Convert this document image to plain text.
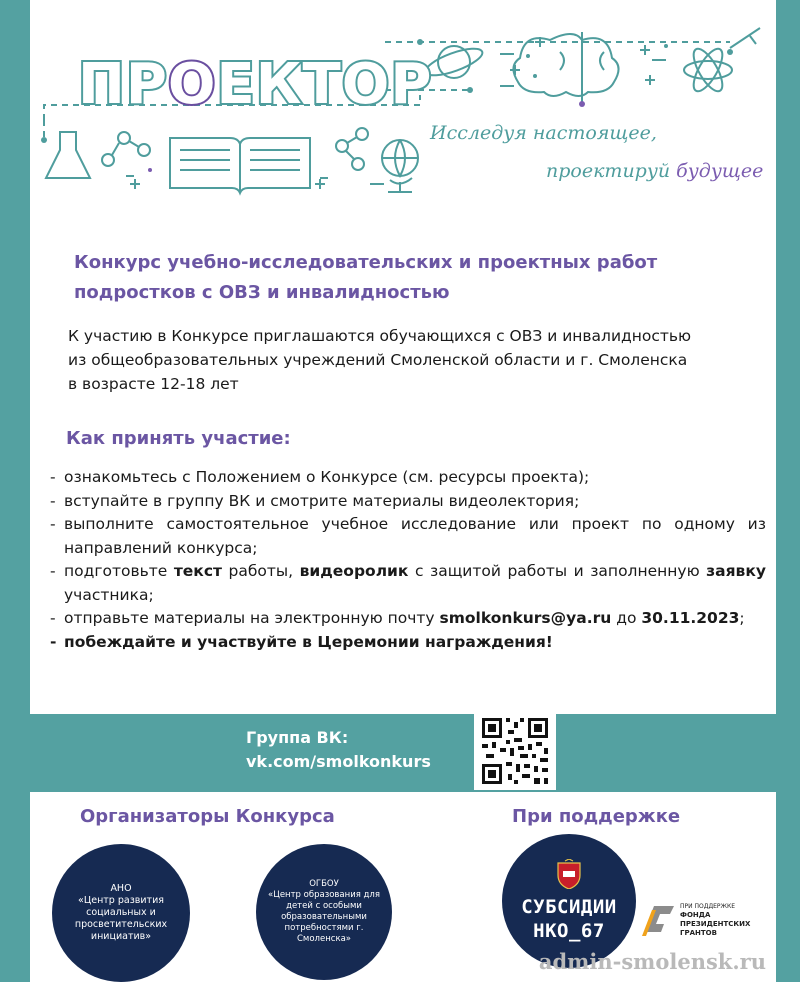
ПРОЕКТОР
Исследуя настоящее,
проектируй будущее
Конкурс учебно-исследовательских и проектных работ
подростков с ОВЗ и инвалидностью
К участию в Конкурсе приглашаются обучающихся с ОВЗ и инвалидностью
из общеобразовательных учреждений Смоленской области и г. Смоленска
в возрасте 12-18 лет
Как принять участие:
- ознакомьтесь с Положением о Конкурсе (см. ресурсы проекта);
- вступайте в группу ВК и смотрите материалы видеолектория;
- выполните самостоятельное учебное исследование или проект по одному из направлений конкурса;
- подготовьте текст работы, видеоролик с защитой работы и заполненную заявку участника;
- отправьте материалы на электронную почту smolkonkurs@ya.ru до 30.11.2023;
- побеждайте и участвуйте в Церемонии награждения!
Группа ВК:
vk.com/smolkonkurs
Организаторы Конкурса	При поддержке
АНО
«Центр развития социальных и просветительских инициатив»
ОГБОУ
«Центр образования для детей с особыми образовательными потребностями г. Смоленска»
СУБСИДИИ
НКО_67
ПРИ ПОДДЕРЖКЕ
ФОНДА
ПРЕЗИДЕНТСКИХ
ГРАНТОВ
admin-smolensk.ru
